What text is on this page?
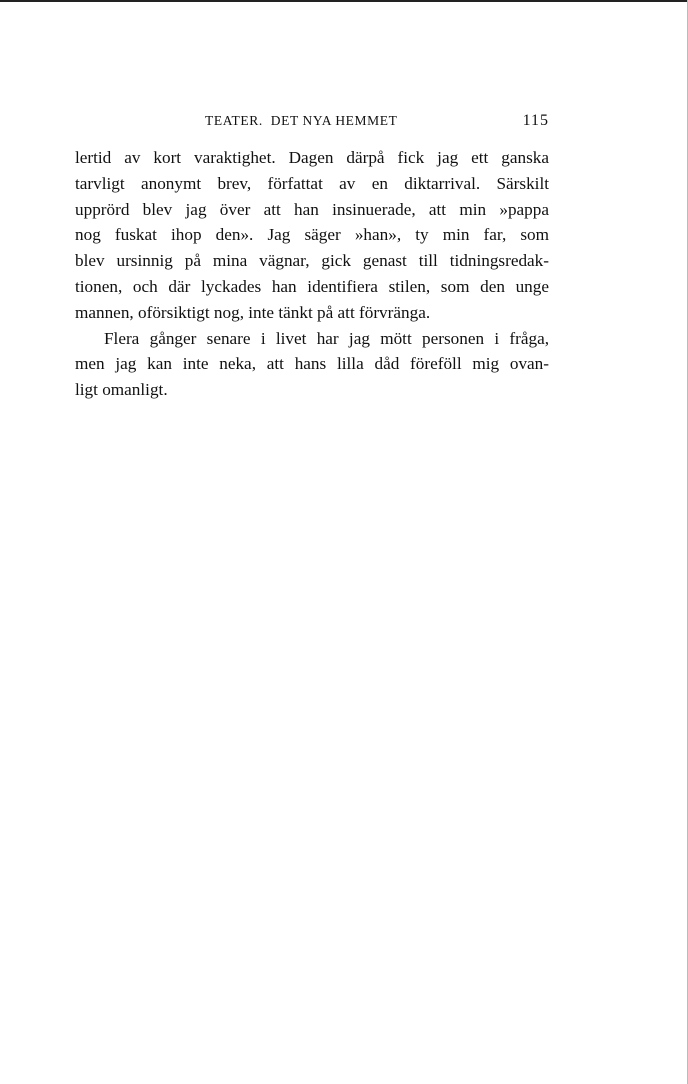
TEATER.  DET NYA HEMMET	115
lertid av kort varaktighet. Dagen därpå fick jag ett ganska
tarvligt anonymt brev, författat av en diktarrival. Särskilt
upprörd blev jag över att han insinuerade, att min »pappa
nog fuskat ihop den». Jag säger »han», ty min far, som
blev ursinnig på mina vägnar, gick genast till tidningsredak-
tionen, och där lyckades han identifiera stilen, som den unge
mannen, oförsiktigt nog, inte tänkt på att förvränga.
Flera gånger senare i livet har jag mött personen i fråga,
men jag kan inte neka, att hans lilla dåd föreföll mig ovan-
ligt omanligt.
